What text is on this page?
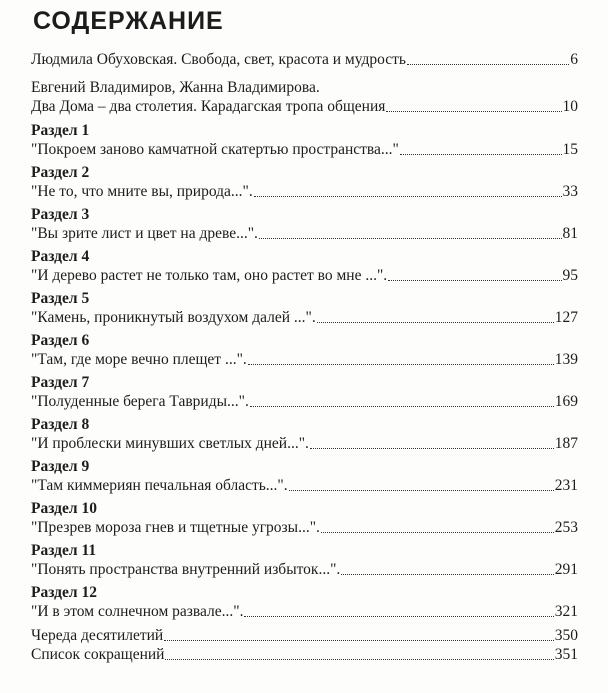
СОДЕРЖАНИЕ
Людмила Обуховская. Свобода, свет, красота и мудрость	6
Евгений Владимиров, Жанна Владимирова.
Два Дома – два столетия. Карадагская тропа общения	10
Раздел 1
"Покроем заново камчатной скатертью пространства..."	15
Раздел 2
"Не то, что мните вы, природа...".	33
Раздел 3
"Вы зрите лист и цвет на древе...".	81
Раздел 4
"И дерево растет не только там, оно растет во мне ...".	95
Раздел 5
"Камень, проникнутый воздухом далей ...".	127
Раздел 6
"Там, где море вечно плещет ...".	139
Раздел 7
"Полуденные берега Тавриды...".	169
Раздел 8
"И проблески минувших светлых дней...".	187
Раздел 9
"Там киммериян печальная область...".	231
Раздел 10
"Презрев мороза гнев и тщетные угрозы...".	253
Раздел 11
"Понять пространства внутренний избыток...".	291
Раздел 12
"И в этом солнечном развале...".	321
Череда десятилетий	350
Список сокращений	351
